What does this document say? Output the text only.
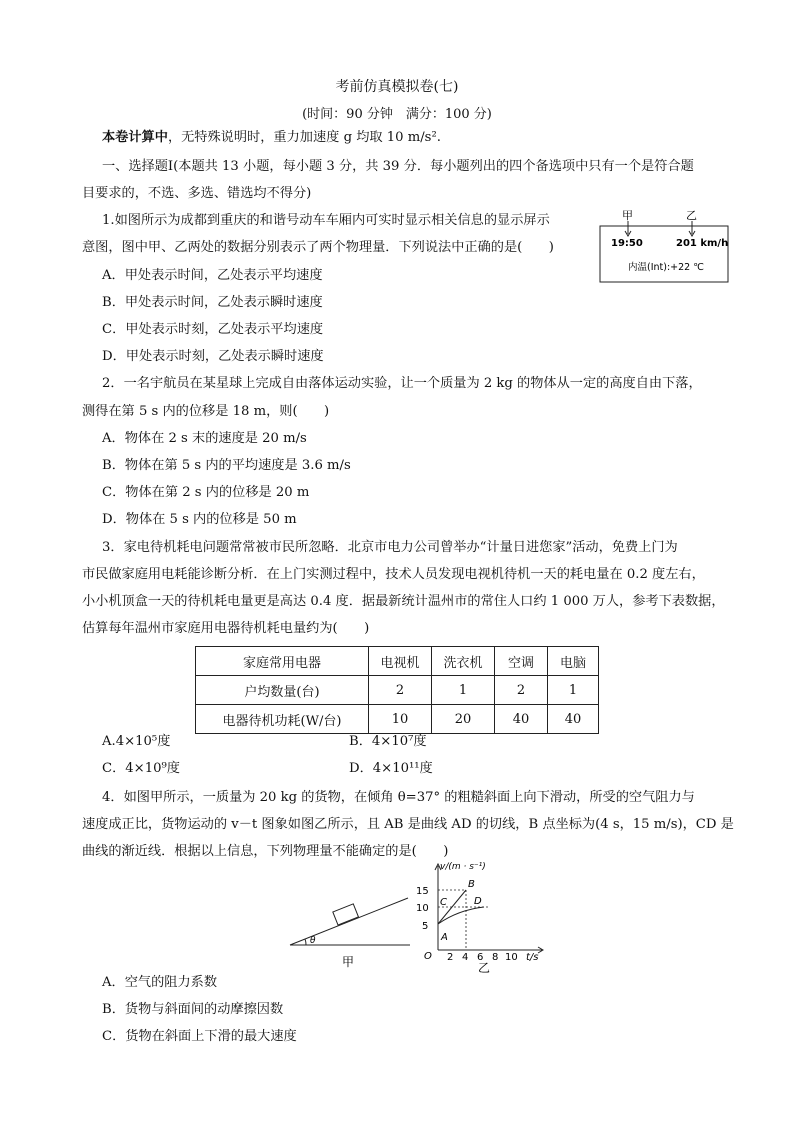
考前仿真模拟卷(七)
(时间：90 分钟　满分：100 分)
本卷计算中，无特殊说明时，重力加速度 g 均取 10 m/s².
一、选择题Ⅰ(本题共 13 小题，每小题 3 分，共 39 分．每小题列出的四个备选项中只有一个是符合题
目要求的，不选、多选、错选均不得分)
1.如图所示为成都到重庆的和谐号动车车厢内可实时显示相关信息的显示屏示
意图，图中甲、乙两处的数据分别表示了两个物理量．下列说法中正确的是(　　)
A．甲处表示时间，乙处表示平均速度
B．甲处表示时间，乙处表示瞬时速度
C．甲处表示时刻，乙处表示平均速度
D．甲处表示时刻，乙处表示瞬时速度
甲	乙
19:50	201 km/h
内温(Int):+22 ℃
2．一名宇航员在某星球上完成自由落体运动实验，让一个质量为 2 kg 的物体从一定的高度自由下落，
测得在第 5 s 内的位移是 18 m，则(　　)
A．物体在 2 s 末的速度是 20 m/s
B．物体在第 5 s 内的平均速度是 3.6 m/s
C．物体在第 2 s 内的位移是 20 m
D．物体在 5 s 内的位移是 50 m
3．家电待机耗电问题常常被市民所忽略．北京市电力公司曾举办“计量日进您家”活动，免费上门为
市民做家庭用电耗能诊断分析．在上门实测过程中，技术人员发现电视机待机一天的耗电量在 0.2 度左右，
小小机顶盒一天的待机耗电量更是高达 0.4 度．据最新统计温州市的常住人口约 1 000 万人，参考下表数据，
估算每年温州市家庭用电器待机耗电量约为(　　)
家庭常用电器	电视机	洗衣机	空调	电脑
户均数量(台)	2	1	2	1
电器待机功耗(W/台)	10	20	40	40
A.4×10⁵度	B．4×10⁷度
C．4×10⁹度	D．4×10¹¹度
4．如图甲所示，一质量为 20 kg 的货物，在倾角 θ=37° 的粗糙斜面上向下滑动，所受的空气阻力与
速度成正比，货物运动的 v－t 图象如图乙所示，且 AB 是曲线 AD 的切线，B 点坐标为(4 s，15 m/s)，CD 是
曲线的渐近线．根据以上信息，下列物理量不能确定的是(　　)
θ
甲
v/(m · s⁻¹)
t/s
O
5
10
15
2 4 6 8 10
A
B
C	D
乙
A．空气的阻力系数
B．货物与斜面间的动摩擦因数
C．货物在斜面上下滑的最大速度
